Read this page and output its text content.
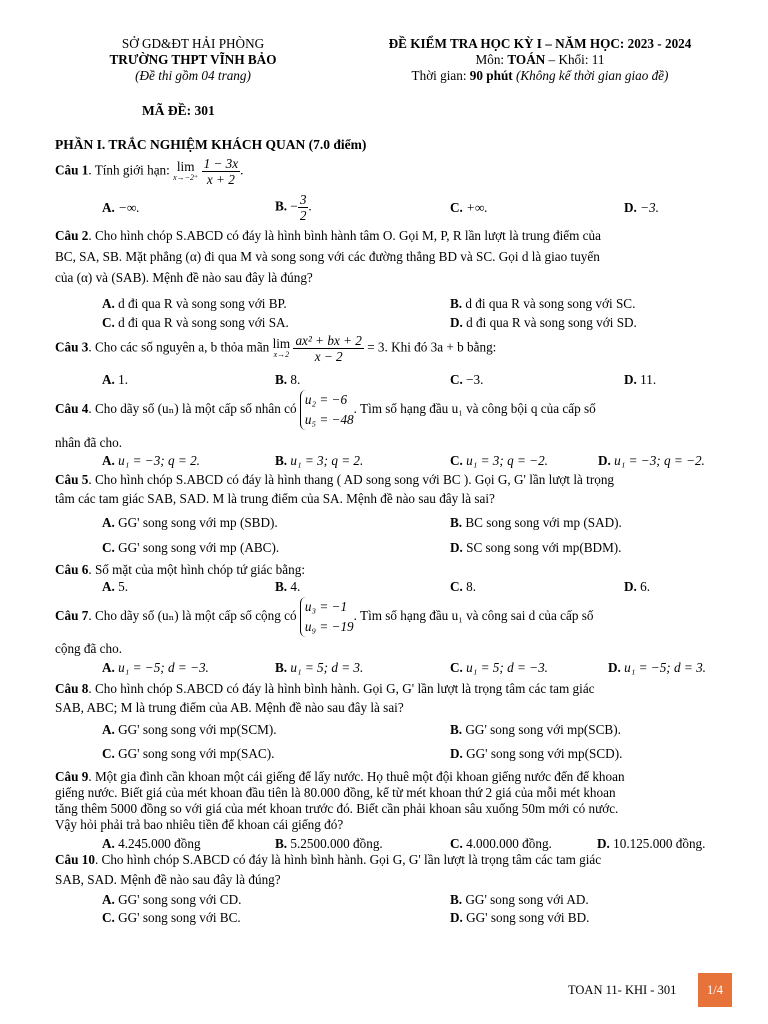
SỞ GD&ĐT HẢI PHÒNG
TRƯỜNG THPT VĨNH BẢO
(Đề thi gồm 04 trang)
ĐỀ KIỂM TRA HỌC KỲ I – NĂM HỌC: 2023 - 2024
Môn: TOÁN – Khối: 11
Thời gian: 90 phút (Không kể thời gian giao đề)
MÃ ĐỀ: 301
PHẦN I. TRẮC NGHIỆM KHÁCH QUAN (7.0 điểm)
Câu 1. Tính giới hạn: lim
x→−2⁺
$\frac{1 - 3x}{x + 2}$ .
A. −∞.	B. − $\frac{3}{2}$ .	C. +∞.	D. −3.
Câu 2. Cho hình chóp S.ABCD có đáy là hình bình hành tâm O. Gọi M, P, R lần lượt là trung điểm của
BC, SA, SB. Mặt phẳng (α) đi qua M và song song với các đường thẳng BD và SC. Gọi d là giao tuyến
của (α) và (SAB). Mệnh đề nào sau đây là đúng?
A. d đi qua R và song song với BP.	B. d đi qua R và song song với SC.
C. d đi qua R và song song với SA.	D. d đi qua R và song song với SD.
Câu 3. Cho các số nguyên a, b thỏa mãn lim
x→2
$\frac{\text{ax² + bx + 2}}{x - 2} = 3$. Khi đó 3a + b bằng:
A. 1.	B. 8.	C. −3.	D. 11.
Câu 4. Cho dãy số (uₙ) là một cấp số nhân có
u₂ = −6
u₅ = −48
. Tìm số hạng đầu u₁ và công bội q của cấp số
nhân đã cho.
A. u₁ = −3; q = 2.	B. u₁ = 3; q = 2.	C. u₁ = 3; q = −2.	D. u₁ = −3; q = −2.
Câu 5. Cho hình chóp S.ABCD có đáy là hình thang ( AD song song với BC ). Gọi G, G' lần lượt là trọng
tâm các tam giác SAB, SAD. M là trung điểm của SA. Mệnh đề nào sau đây là sai?
A. GG' song song với mp (SBD).	B. BC song song với mp (SAD).
C. GG' song song với mp (ABC).	D. SC song song với mp(BDM).
Câu 6. Số mặt của một hình chóp tứ giác bằng:
A. 5.	B. 4.	C. 8.	D. 6.
Câu 7. Cho dãy số (uₙ) là một cấp số cộng có
u₃ = −1
u₉ = −19
. Tìm số hạng đầu u₁ và công sai d của cấp số
cộng đã cho.
A. u₁ = −5; d = −3.	B. u₁ = 5; d = 3.	C. u₁ = 5; d = −3.	D. u₁ = −5; d = 3.
Câu 8. Cho hình chóp S.ABCD có đáy là hình bình hành. Gọi G, G' lần lượt là trọng tâm các tam giác
SAB, ABC; M là trung điểm của AB. Mệnh đề nào sau đây là sai?
A. GG' song song với mp(SCM).	B. GG' song song với mp(SCB).
C. GG' song song với mp(SAC).	D. GG' song song với mp(SCD).
Câu 9. Một gia đình cần khoan một cái giếng để lấy nước. Họ thuê một đội khoan giếng nước đến để khoan
giếng nước. Biết giá của mét khoan đầu tiên là 80.000 đồng, kể từ mét khoan thứ 2 giá của mỗi mét khoan
tăng thêm 5000 đồng so với giá của mét khoan trước đó. Biết cần phải khoan sâu xuống 50m mới có nước.
Vậy hỏi phải trả bao nhiêu tiền để khoan cái giếng đó?
A. 4.245.000 đồng	B. 5.2500.000 đồng.	C. 4.000.000 đồng.	D. 10.125.000 đồng.
Câu 10. Cho hình chóp S.ABCD có đáy là hình bình hành. Gọi G, G' lần lượt là trọng tâm các tam giác
SAB, SAD. Mệnh đề nào sau đây là đúng?
A. GG' song song với CD.	B. GG' song song với AD.
C. GG' song song với BC.	D. GG' song song với BD.
TOAN 11- KHI - 301	1/4
